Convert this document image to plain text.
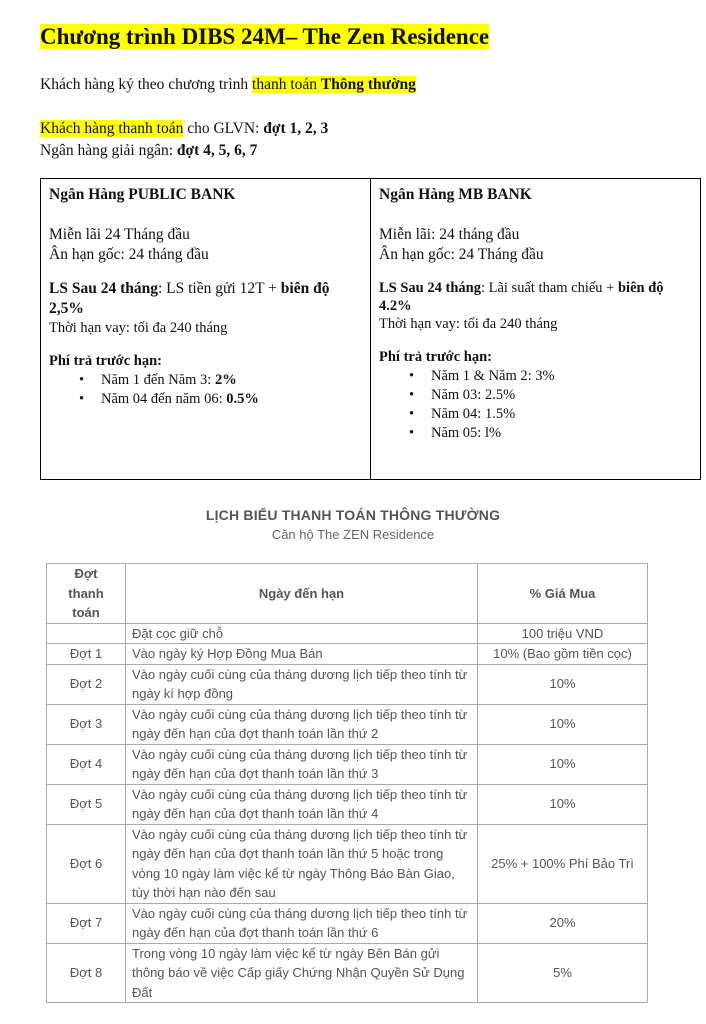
Chương trình DIBS 24M– The Zen Residence
Khách hàng ký theo chương trình thanh toán Thông thường
Khách hàng thanh toán cho GLVN: đợt 1, 2, 3
Ngân hàng giải ngân: đợt 4, 5, 6, 7
Ngân Hàng PUBLIC BANK
Miễn lãi 24 Tháng đầu
Ân hạn gốc: 24 tháng đầu
LS Sau 24 tháng: LS tiền gửi 12T + biên độ 2,5%
Thời hạn vay: tối đa 240 tháng
Phí trả trước hạn:
• Năm 1 đến Năm 3: 2%
• Năm 04 đến năm 06: 0.5%

Ngân Hàng MB BANK
Miễn lãi: 24 tháng đầu
Ân hạn gốc: 24 Tháng đầu
LS Sau 24 tháng: Lãi suất tham chiếu + biên độ 4.2%
Thời hạn vay: tối đa 240 tháng
Phí trả trước hạn:
• Năm 1 & Năm 2: 3%
• Năm 03: 2.5%
• Năm 04: 1.5%
• Năm 05: l%
LỊCH BIỂU THANH TOÁN THÔNG THƯỜNG
Căn hộ The ZEN Residence
Đợt thanh toán	Ngày đến hạn	% Giá Mua
	Đặt cọc giữ chỗ	100 triệu VND
Đợt 1	Vào ngày ký Hợp Đồng Mua Bán	10% (Bao gồm tiền cọc)
Đợt 2	Vào ngày cuối cùng của tháng dương lịch tiếp theo tính từ ngày kí hợp đồng	10%
Đợt 3	Vào ngày cuối cùng của tháng dương lịch tiếp theo tính từ ngày đến hạn của đợt thanh toán lần thứ 2	10%
Đợt 4	Vào ngày cuối cùng của tháng dương lịch tiếp theo tính từ ngày đến hạn của đợt thanh toán lần thứ 3	10%
Đợt 5	Vào ngày cuối cùng của tháng dương lịch tiếp theo tính từ ngày đến hạn của đợt thanh toán lần thứ 4	10%
Đợt 6	Vào ngày cuối cùng của tháng dương lịch tiếp theo tính từ ngày đến hạn của đợt thanh toán lần thứ 5 hoặc trong vòng 10 ngày làm việc kể từ ngày Thông Báo Bàn Giao, tùy thời hạn nào đến sau	25% + 100% Phí Bảo Trì
Đợt 7	Vào ngày cuối cùng của tháng dương lịch tiếp theo tính từ ngày đến hạn của đợt thanh toán lần thứ 6	20%
Đợt 8	Trong vòng 10 ngày làm việc kể từ ngày Bên Bán gửi thông báo về việc Cấp giấy Chứng Nhận Quyền Sử Dụng Đất	5%
